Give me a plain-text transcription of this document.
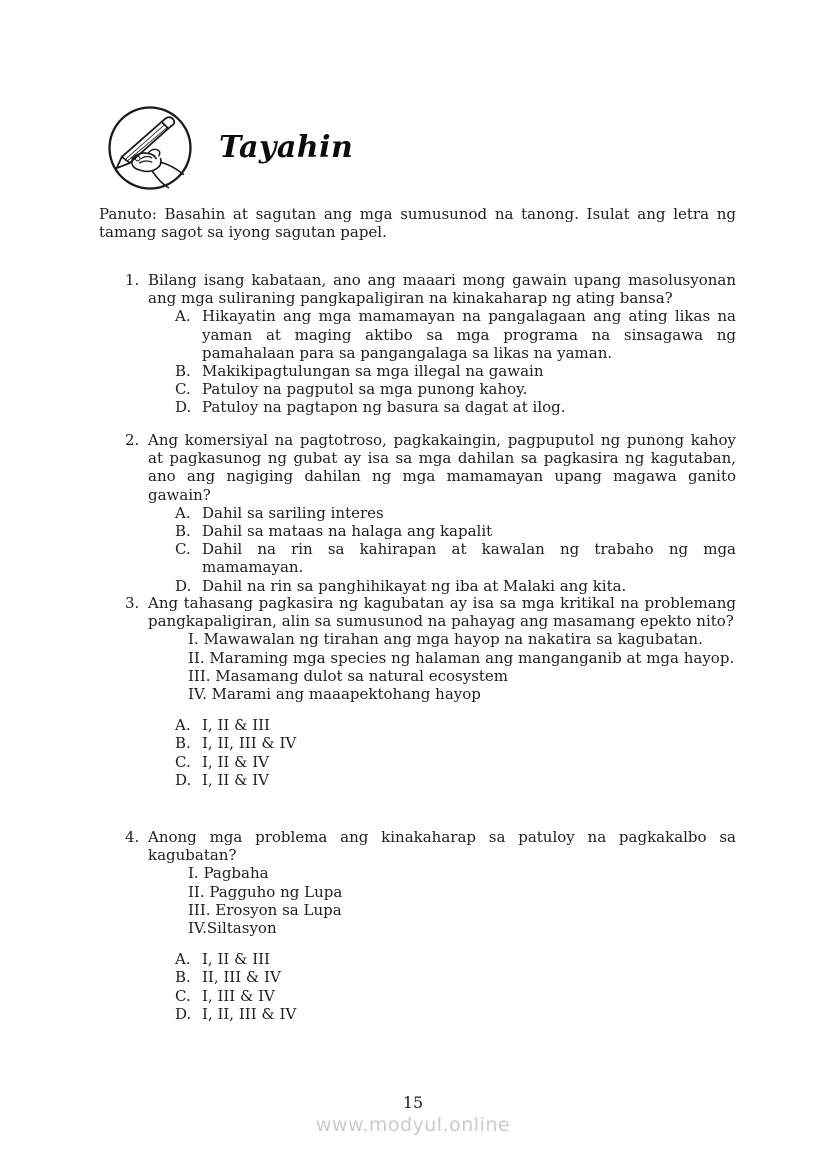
Tayahin
Panuto: Basahin at sagutan ang mga sumusunod na tanong. Isulat ang letra ng tamang sagot sa iyong sagutan papel.
1. Bilang isang kabataan, ano ang maaari mong gawain upang masolusyonan ang mga suliraning pangkapaligiran na kinakaharap ng ating bansa?
A. Hikayatin ang mga mamamayan na pangalagaan ang ating likas na yaman at maging aktibo sa mga programa na sinsagawa ng pamahalaan para sa pangangalaga sa likas na yaman.
B. Makikipagtulungan sa mga illegal na gawain
C. Patuloy na pagputol sa mga punong kahoy.
D. Patuloy na pagtapon ng basura sa dagat at ilog.
2. Ang komersiyal na pagtotroso, pagkakaingin, pagpuputol ng punong kahoy at pagkasunog ng gubat ay isa sa mga dahilan sa pagkasira ng kagutaban, ano ang nagiging dahilan ng mga mamamayan upang magawa ganito gawain?
A. Dahil sa sariling interes
B. Dahil sa mataas na halaga ang kapalit
C. Dahil na rin sa kahirapan at kawalan ng trabaho ng mga mamamayan.
D. Dahil na rin sa panghihikayat ng iba at Malaki ang kita.
3. Ang tahasang pagkasira ng kagubatan ay isa sa mga kritikal na problemang pangkapaligiran, alin sa sumusunod na pahayag ang masamang epekto nito?
I. Mawawalan ng tirahan ang mga hayop na nakatira sa kagubatan.
II. Maraming mga species ng halaman ang manganganib at mga hayop.
III. Masamang dulot sa natural ecosystem
IV. Marami ang maaapektohang hayop
A. I, II & III
B. I, II, III & IV
C. I, II & IV
D. I, II & IV
4. Anong mga problema ang kinakaharap sa patuloy na pagkakalbo sa kagubatan?
I. Pagbaha
II. Pagguho ng Lupa
III. Erosyon sa Lupa
IV.Siltasyon
A. I, II & III
B. II, III & IV
C. I, III & IV
D. I, II, III & IV
15
www.modyul.online
